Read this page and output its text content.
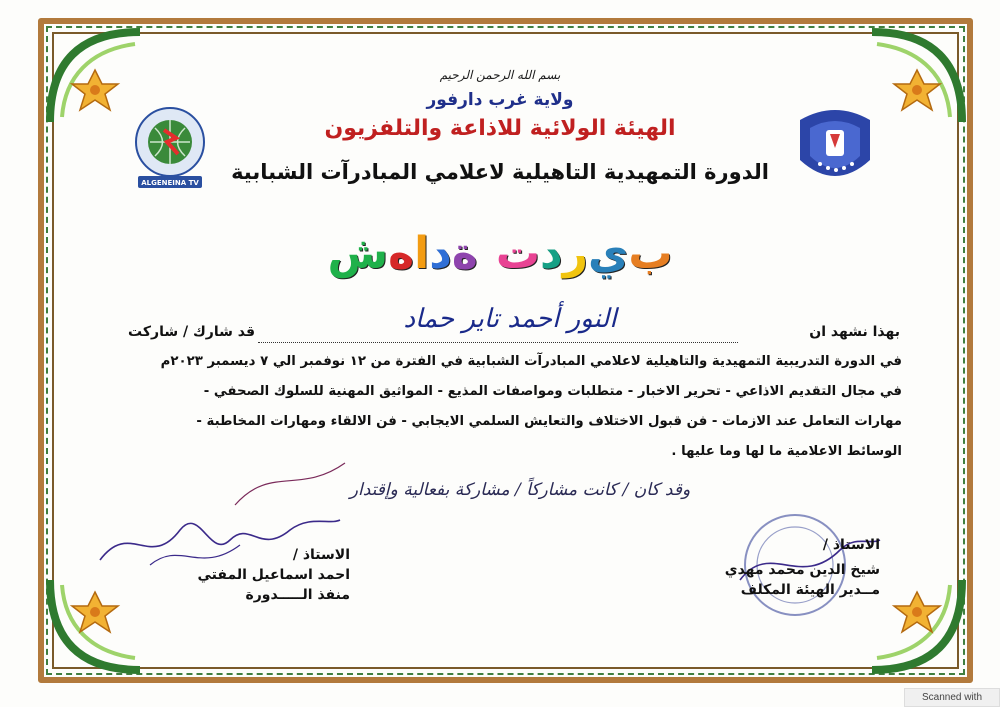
ALGENEINA TV
بسم الله الرحمن الرحيم
ولاية غرب دارفور
الهيئة الولائية للاذاعة والتلفزيون
الدورة التمهيدية التاهيلية لاعلامي المبادرآت الشبابية
شهادة تدريب
بهذا نشهد ان
النور أحمد تاير حماد
قد شارك / شاركت
في الدورة التدريبية التمهيدية والتاهيلية لاعلامي المبادرآت الشبابية في الفترة من ١٢ نوفمبر الي ٧ ديسمبر ٢٠٢٣م
في مجال التقديم الاذاعي - تحرير الاخبار - متطلبات ومواصفات المذيع - المواثيق المهنية للسلوك الصحفي -
مهارات التعامل عند الازمات - فن قبول الاختلاف والتعايش السلمي الايجابي - فن الالقاء ومهارات المخاطبة -
الوسائط الاعلامية ما لها وما عليها .
وقد كان / كانت مشاركاً / مشاركة بفعالية وإقتدار
الاستاذ /
احمد اسماعيل المفتي
منفذ الـــــدورة
الاستاذ /
شيخ الدين محمد مهدي
مــدير الهيئة المكلف
Scanned with
